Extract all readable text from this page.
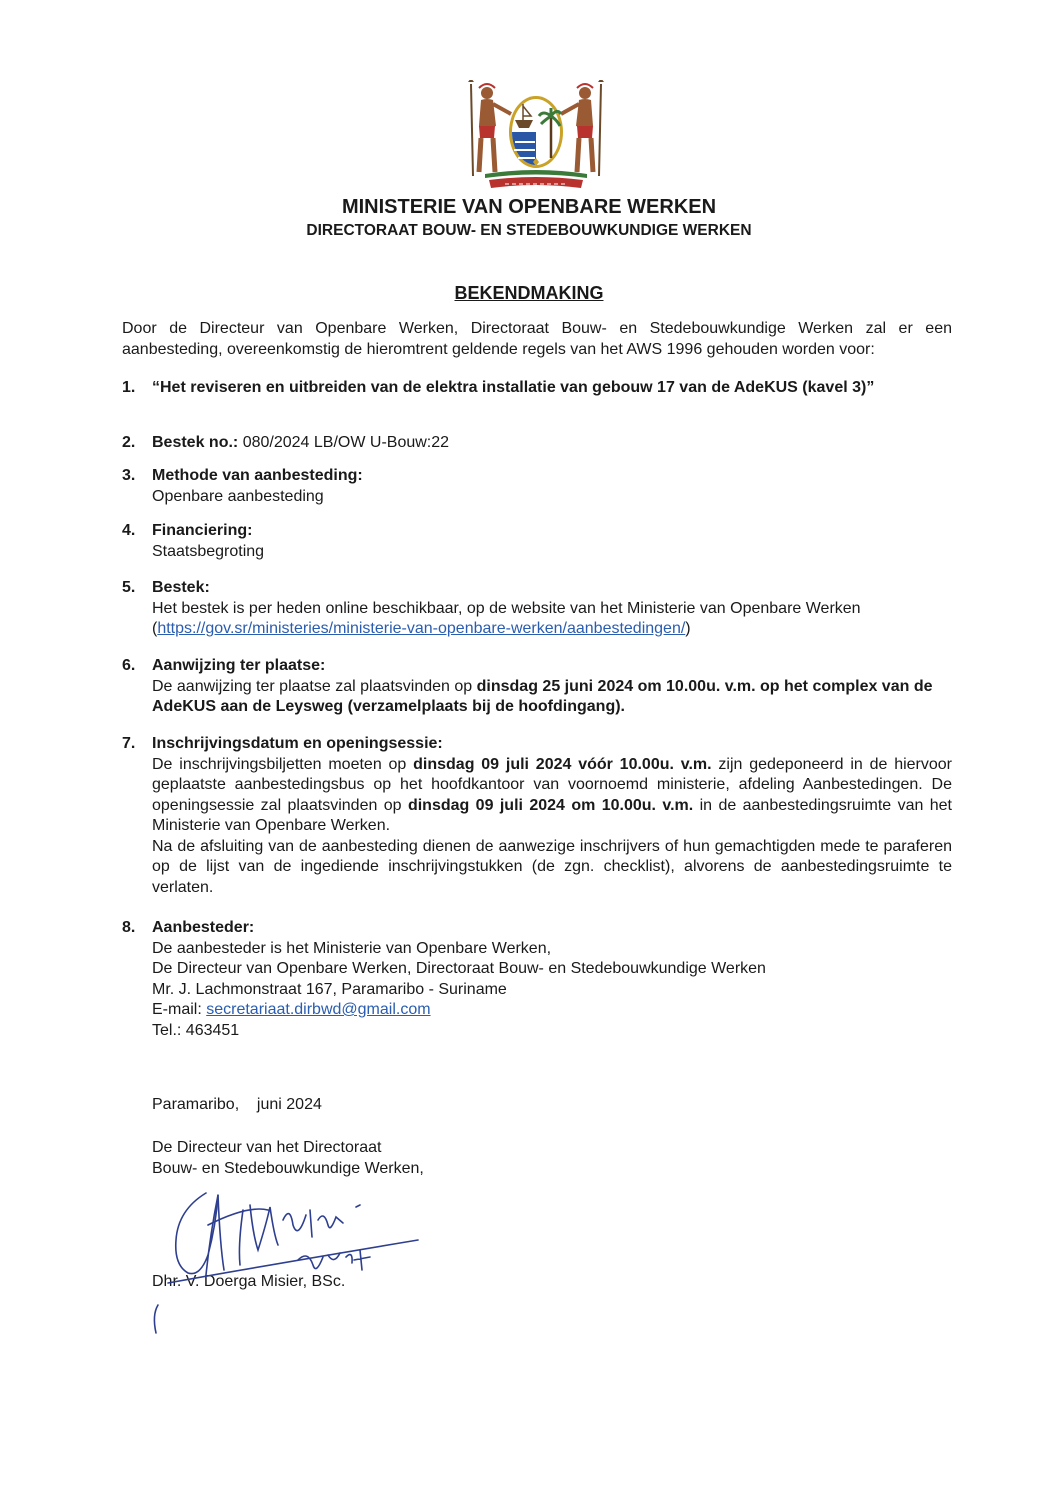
MINISTERIE VAN OPENBARE WERKEN
DIRECTORAAT BOUW- EN STEDEBOUWKUNDIGE WERKEN
BEKENDMAKING
Door de Directeur van Openbare Werken, Directoraat Bouw- en Stedebouwkundige Werken zal er een aanbesteding, overeenkomstig de hieromtrent geldende regels van het AWS 1996 gehouden worden voor:
1.	“Het reviseren en uitbreiden van de elektra installatie van gebouw 17 van de AdeKUS (kavel 3)”
2.	Bestek no.: 080/2024 LB/OW U-Bouw:22
3.	Methode van aanbesteding:
Openbare aanbesteding
4.	Financiering:
Staatsbegroting
5.	Bestek:
Het bestek is per heden online beschikbaar, op de website van het Ministerie van Openbare Werken
(https://gov.sr/ministeries/ministerie-van-openbare-werken/aanbestedingen/)
6.	Aanwijzing ter plaatse:
De aanwijzing ter plaatse zal plaatsvinden op dinsdag 25 juni 2024 om 10.00u. v.m. op het complex van de AdeKUS aan de Leysweg (verzamelplaats bij de hoofdingang).
7.	Inschrijvingsdatum en openingsessie:
De inschrijvingsbiljetten moeten op dinsdag 09 juli 2024 vóór 10.00u. v.m. zijn gedeponeerd in de hiervoor geplaatste aanbestedingsbus op het hoofdkantoor van voornoemd ministerie, afdeling Aanbestedingen. De openingsessie zal plaatsvinden op dinsdag 09 juli 2024 om 10.00u. v.m. in de aanbestedingsruimte van het Ministerie van Openbare Werken.
Na de afsluiting van de aanbesteding dienen de aanwezige inschrijvers of hun gemachtigden mede te paraferen op de lijst van de ingediende inschrijvingstukken (de zgn. checklist), alvorens de aanbestedingsruimte te verlaten.
8.	Aanbesteder:
De aanbesteder is het Ministerie van Openbare Werken,
De Directeur van Openbare Werken, Directoraat Bouw- en Stedebouwkundige Werken
Mr. J. Lachmonstraat 167, Paramaribo - Suriname
E-mail: secretariaat.dirbwd@gmail.com
Tel.: 463451
Paramaribo,    juni 2024
De Directeur van het Directoraat
Bouw- en Stedebouwkundige Werken,
Dhr. V. Doerga Misier, BSc.
